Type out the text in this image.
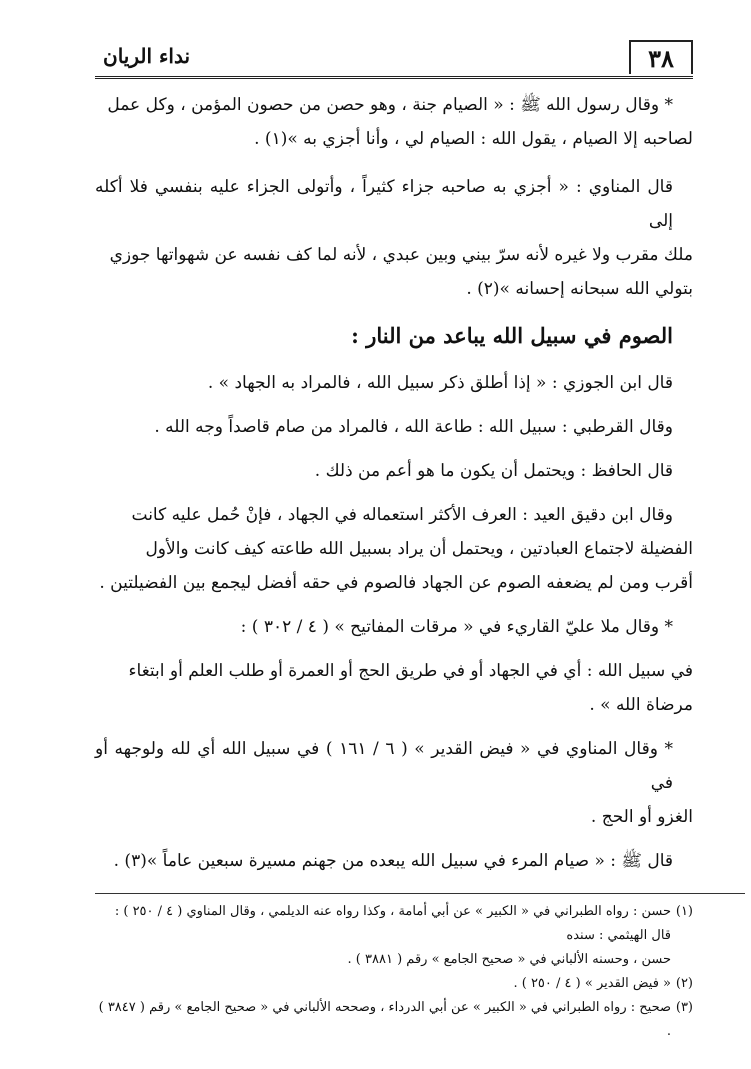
٣٨
نداء الريان

* وقال رسول الله ﷺ : « الصيام جنة ، وهو حصن من حصون المؤمن ، وكل عمل

لصاحبه إلا الصيام ، يقول الله : الصيام لي ، وأنا أجزي به »(١) .

قال المناوي : « أجزي به صاحبه جزاء كثيراً ، وأتولى الجزاء عليه بنفسي فلا أكله إلى

ملك مقرب ولا غيره لأنه سرّ بيني وبين عبدي ، لأنه لما كف نفسه عن شهواتها جوزي

بتولي الله سبحانه إحسانه »(٢) .

الصوم في سبيل الله يباعد من النار :

قال ابن الجوزي : « إذا أطلق ذكر سبيل الله ، فالمراد به الجهاد » .

وقال القرطبي : سبيل الله : طاعة الله ، فالمراد من صام قاصداً وجه الله .

قال الحافظ : ويحتمل أن يكون ما هو أعم من ذلك .

وقال ابن دقيق العيد : العرف الأكثر استعماله في الجهاد ، فإنْ حُمل عليه كانت

الفضيلة لاجتماع العبادتين ، ويحتمل أن يراد بسبيل الله طاعته كيف كانت والأول

أقرب ومن لم يضعفه الصوم عن الجهاد فالصوم في حقه أفضل ليجمع بين الفضيلتين .

* وقال ملا عليّ القاريء في « مرقات المفاتيح » ( ٤ / ٣٠٢ ) :

في سبيل الله : أي في الجهاد أو في طريق الحج أو العمرة أو طلب العلم أو ابتغاء

مرضاة الله » .

* وقال المناوي في « فيض القدير » ( ٦ / ١٦١ ) في سبيل الله أي لله ولوجهه أو في

الغزو أو الحج .

قال ﷺ : « صيام المرء في سبيل الله يبعده من جهنم مسيرة سبعين عاماً »(٣) .

(١)حسن : رواه الطبراني في « الكبير » عن أبي أمامة ، وكذا رواه عنه الديلمي ، وقال المناوي ( ٤ / ٢٥٠ ) : قال الهيثمي : سنده

حسن ، وحسنه الألباني في « صحيح الجامع » رقم ( ٣٨٨١ ) .

(٢)« فيض القدير » ( ٤ / ٢٥٠ ) .

(٣)صحيح : رواه الطبراني في « الكبير » عن أبي الدرداء ، وصححه الألباني في « صحيح الجامع » رقم ( ٣٨٤٧ ) .
